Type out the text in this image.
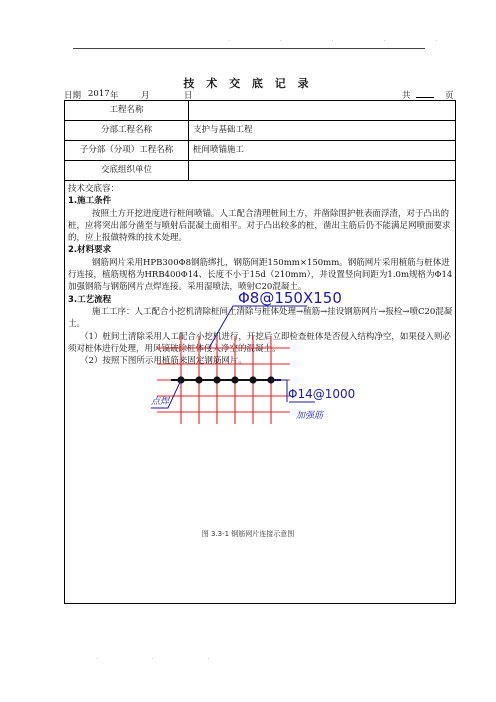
· · · · ·
技 术 交 底 记 录
日期 2017 年	月	日	共	页
工程名称
分部工程名称	支护与基础工程
子分部（分项）工程名称	桩间喷锚施工
交底组织单位

技术交底容：

1.施工条件

按照土方开挖进度进行桩间喷锚。人工配合清理桩间土方，并凿除围护桩表面浮渣，对于凸出的桩，应将突出部分凿至与喷射后混凝土面相平。对于凸出较多的桩，凿出主筋后仍不能满足网喷面要求的，应上报做特殊的技术处理。

2.材料要求

钢筋网片采用HPB300Φ8钢筋绑扎，钢筋间距150mm×150mm。钢筋网片采用植筋与桩体进行连接，植筋规格为HRB400Φ14、长度不小于15d（210mm），并设置竖向间距为1.0m规格为Φ14加强钢筋与钢筋网片点焊连接。采用湿喷法，喷射C20混凝土。

3.工艺流程

施工工序：人工配合小挖机清除桩间土清除与桩体处理→植筋→挂设钢筋网片→报检→喷C20混凝土。

（1）桩间土清除采用人工配合小挖机进行，开挖后立即检查桩体是否侵入结构净空，如果侵入则必须对桩体进行处理，用风镐破除桩体侵入净空的混凝土。

（2）按照下图所示用植筋来固定钢筋网片。

Φ8@150X150
Φ14@1000
点焊
加强筋
图 3.3-1 钢筋网片连接示意图
· · ·
